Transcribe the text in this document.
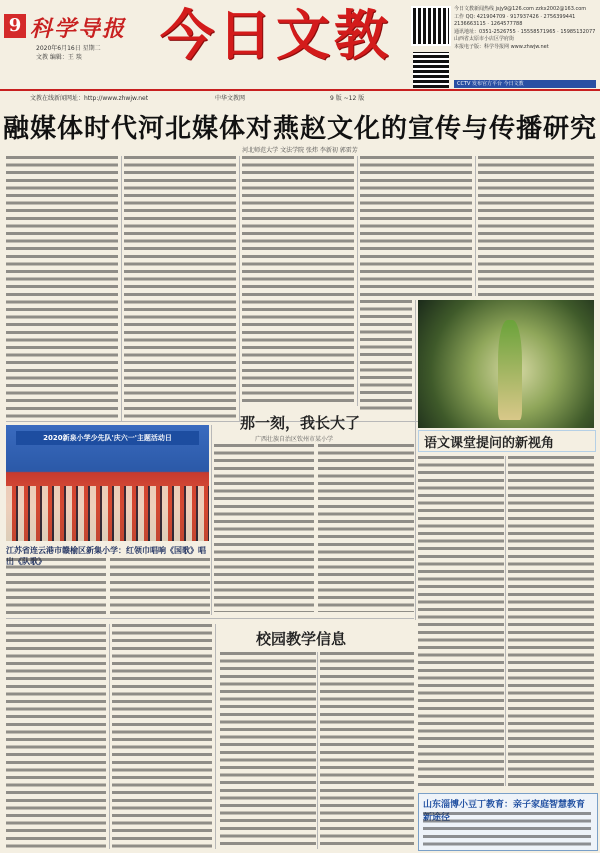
9 科学导报
2020年6月16日 星期二
文教 编辑：王 琰	今日文教	今日文教新闻热线 jsjy9@126.com zzkx2002@163.com
工作 QQ: 421904709 · 917937426 · 2756399441
2136663115 · 1264577788
通讯地址：0351-2526755 · 15558571965 · 15985132077
山西省太原市小店区学府街
本报电子版：科学导报网 www.zhwjw.net
CCTV 发布官方平台 今日文教
文教在线新闻网址：http://www.zhwjw.net	中华文教网	9 版 ~12 版
融媒体时代河北媒体对燕赵文化的宣传与传播研究
河北师范大学 文法学院 张炜 李新初 郭雷芳
2020新泉小学少先队'庆六一'主题活动日
江苏省连云港市赣榆区新集小学：红领巾唱响《国歌》唱出《队歌》
那一刻，我长大了
广西壮族自治区钦州市某小学	语文课堂提问的新视角
校园教学信息
山东淄博小豆丁教育：亲子家庭智慧教育新途径
